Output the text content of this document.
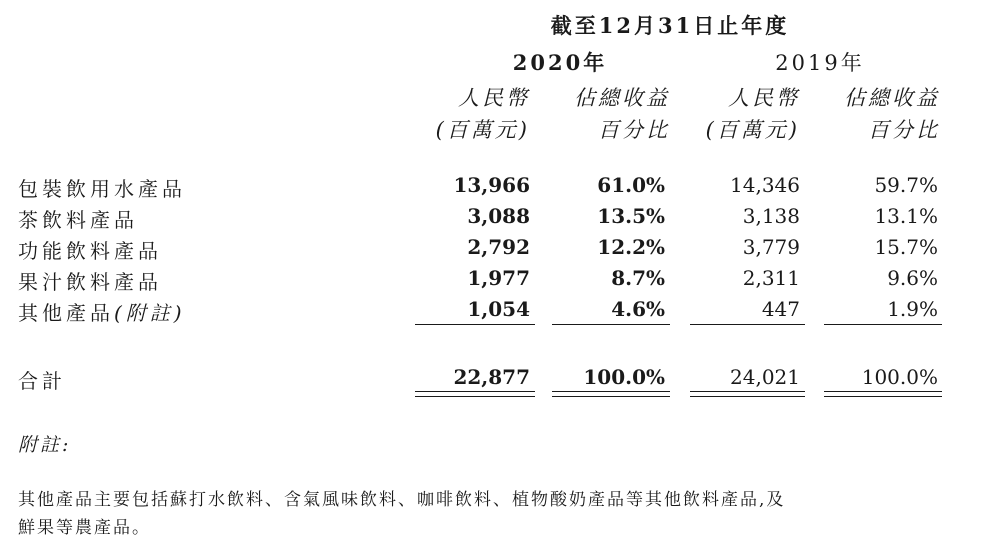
截至12月31日止年度
2020年	2019年
人民幣	佔總收益	人民幣	佔總收益
(百萬元)	百分比	(百萬元)	百分比
包裝飲用水產品	13,966	61.0%	14,346	59.7%
茶飲料產品	3,088	13.5%	3,138	13.1%
功能飲料產品	2,792	12.2%	3,779	15.7%
果汁飲料產品	1,977	8.7%	2,311	9.6%
其他產品(附註)	1,054	4.6%	447	1.9%
合計	22,877	100.0%	24,021	100.0%
附註:
其他產品主要包括蘇打水飲料、含氣風味飲料、咖啡飲料、植物酸奶產品等其他飲料產品,及
鮮果等農產品。
